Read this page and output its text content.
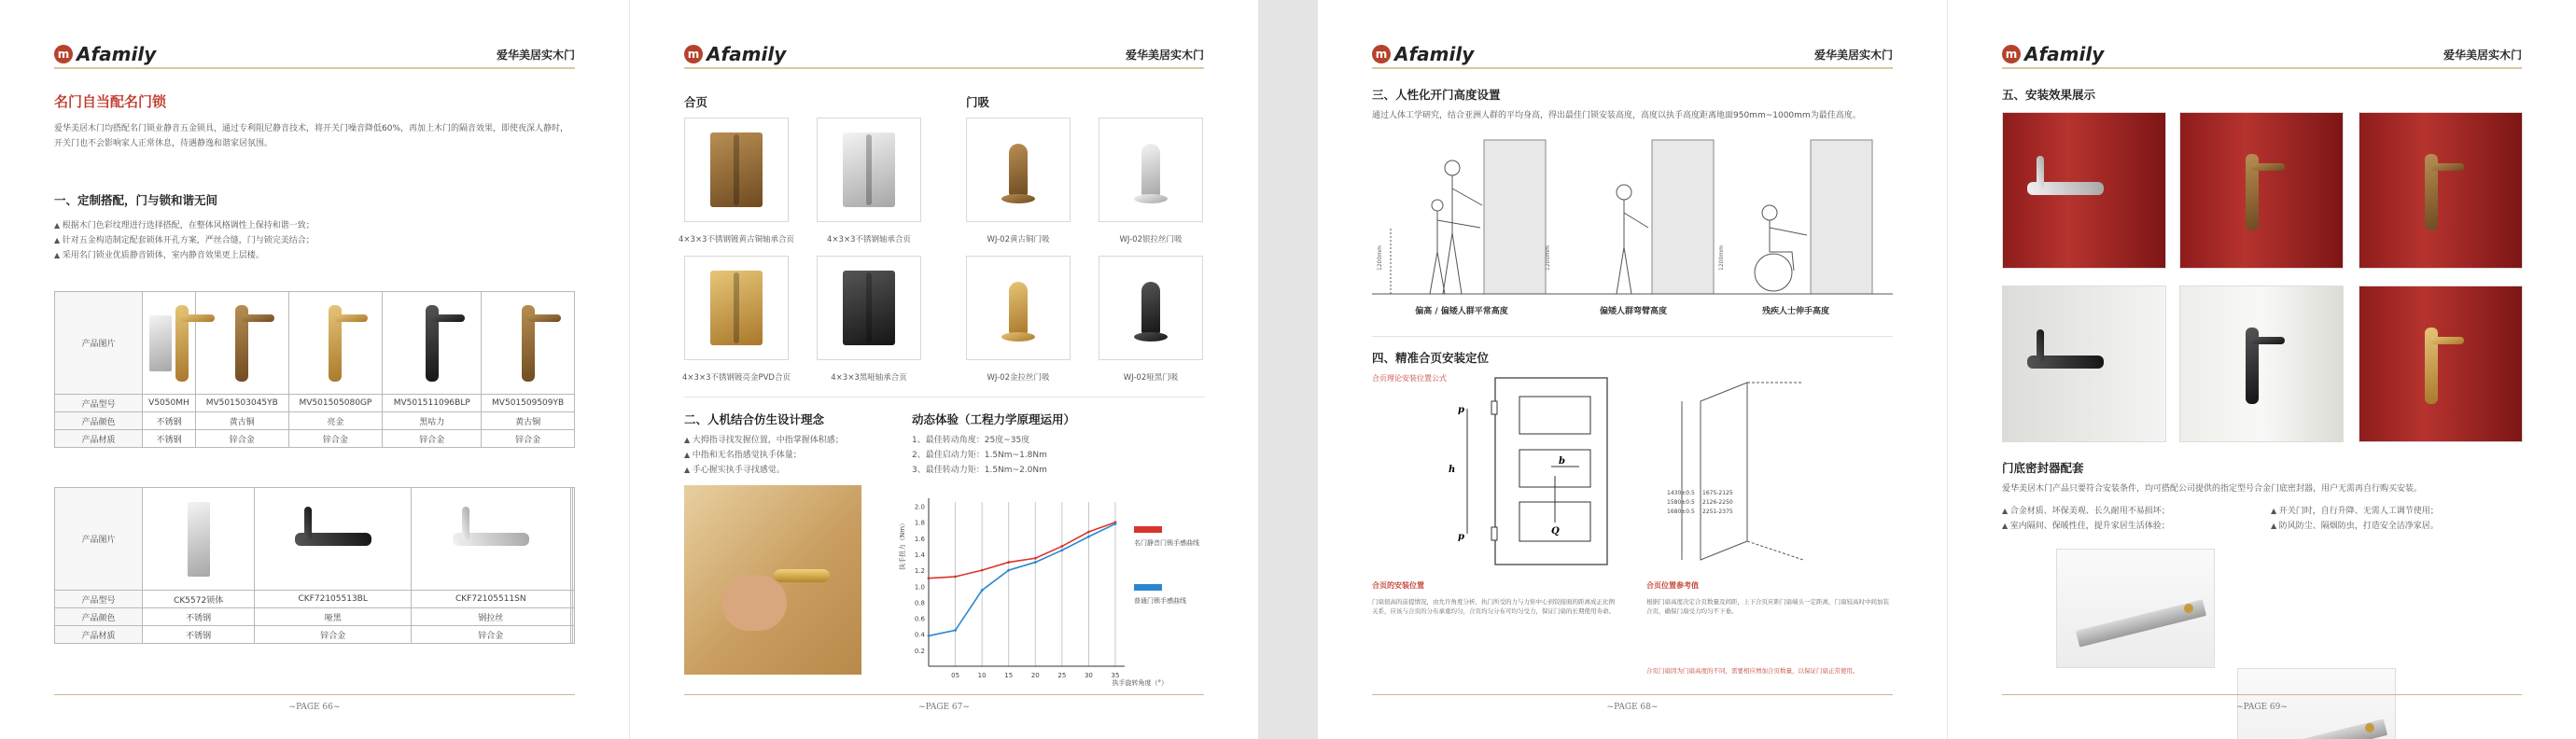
m Afamily	爱华美居实木门
名门自当配名门锁
爱华美居木门均搭配名门锁业静音五金锁具，通过专利阻尼静音技术，将开关门噪音降低60%，再加上木门的隔音效果，即使夜深人静时，开关门也不会影响家人正常休息，待遇静逸和谐家居氛围。
一、定制搭配，门与锁和谐无间
▲ 根据木门色彩纹理进行选择搭配，在整体风格调性上保持和谐一致；
▲ 针对五金构造制定配套锁体开孔方案，严丝合缝，门与锁完美结合；
▲ 采用名门锁业优质静音锁体，室内静音效果更上层楼。
产品图片	

产品型号	V5050MH	MV501503045YB	MV501505080GP	MV501511096BLP	MV501509509YB
产品颜色	不锈钢	黄古铜	亮金	黑咕力	黄古铜
产品材质	不锈钢	锌合金	锌合金	锌合金	锌合金
产品图片	

产品型号	CK5572锁体	CKF72105513BL	CKF72105511SN		
产品颜色	不锈钢	哑黑	钢拉丝		
产品材质	不锈钢	锌合金	锌合金		
~PAGE 66~
m Afamily	爱华美居实木门
合页	门吸
4×3×3不锈钢镀黄古铜轴承合页	4×3×3不锈钢轴承合页	WJ-02黄古铜门吸	WJ-02银拉丝门吸
4×3×3不锈钢镀亮金PVD合页	4×3×3黑哑轴承合页	WJ-02金拉丝门吸	WJ-02哑黑门吸
二、人机结合仿生设计理念
▲ 大拇指寻找发握位置，中指掌握体积感；
▲ 中指和无名指感觉执手体量；
▲ 手心握实执手寻找感觉。
动态体验（工程力学原理运用）
1、最佳转动角度：25度~35度
2、最佳启动力矩：1.5Nm~1.8Nm
3、最佳转动力矩：1.5Nm~2.0Nm
0.2
0.4
0.6
0.8
1.0
1.2
1.4
1.6
1.8
2.0
05	10	15	20	25	30	35
执手扭力（Nm）
执手旋转角度（°）
名门静音门锁手感曲线
普通门锁手感曲线
~PAGE 67~
m Afamily	爱华美居实木门
三、人性化开门高度设置
通过人体工学研究，结合亚洲人群的平均身高，得出最佳门锁安装高度，高度以执手高度距离地面950mm~1000mm为最佳高度。
1200mm	1200mm	1200mm
偏高 / 偏矮人群平常高度	偏矮人群弯臂高度	残疾人士伸手高度
四、精准合页安装定位
合页理论安装位置公式
p
h
b
Q
p
1430±0.5 1675-2125
1580±0.5 2126-2250
1680±0.5 2251-2375
合页的安装位置
门扇很高的前提情况，由允许角度分析，执门所受的力与力矩中心到铰接面的距离成正比例关系，应该与合页的分布承重均匀，合页均匀分布可均匀受力，保证门扇的长期使用寿命。
合页位置参考值
根据门扇高度决定合页数量及间距，上下合页应距门扇端头一定距离，门扇较高时中间加装合页，确保门扇受力均匀不下垂。
合页门扇因为门扇高度的不同，需要相应增加合页数量，以保证门扇正常使用。
~PAGE 68~
m Afamily	爱华美居实木门
五、安装效果展示
门底密封器配套
爱华美居木门产品只要符合安装条件，均可搭配公司提供的指定型号合金门底密封器，用户无需再自行购买安装。
▲ 合金材质、坏保美观、长久耐用不易损坏；
▲ 室内隔间、保暖性佳，提升家居生活体验；
▲ 开关门时，自行升降、无需人工调节使用；
▲ 防风防尘、隔烟防虫，打造安全洁净家居。
~PAGE 69~
